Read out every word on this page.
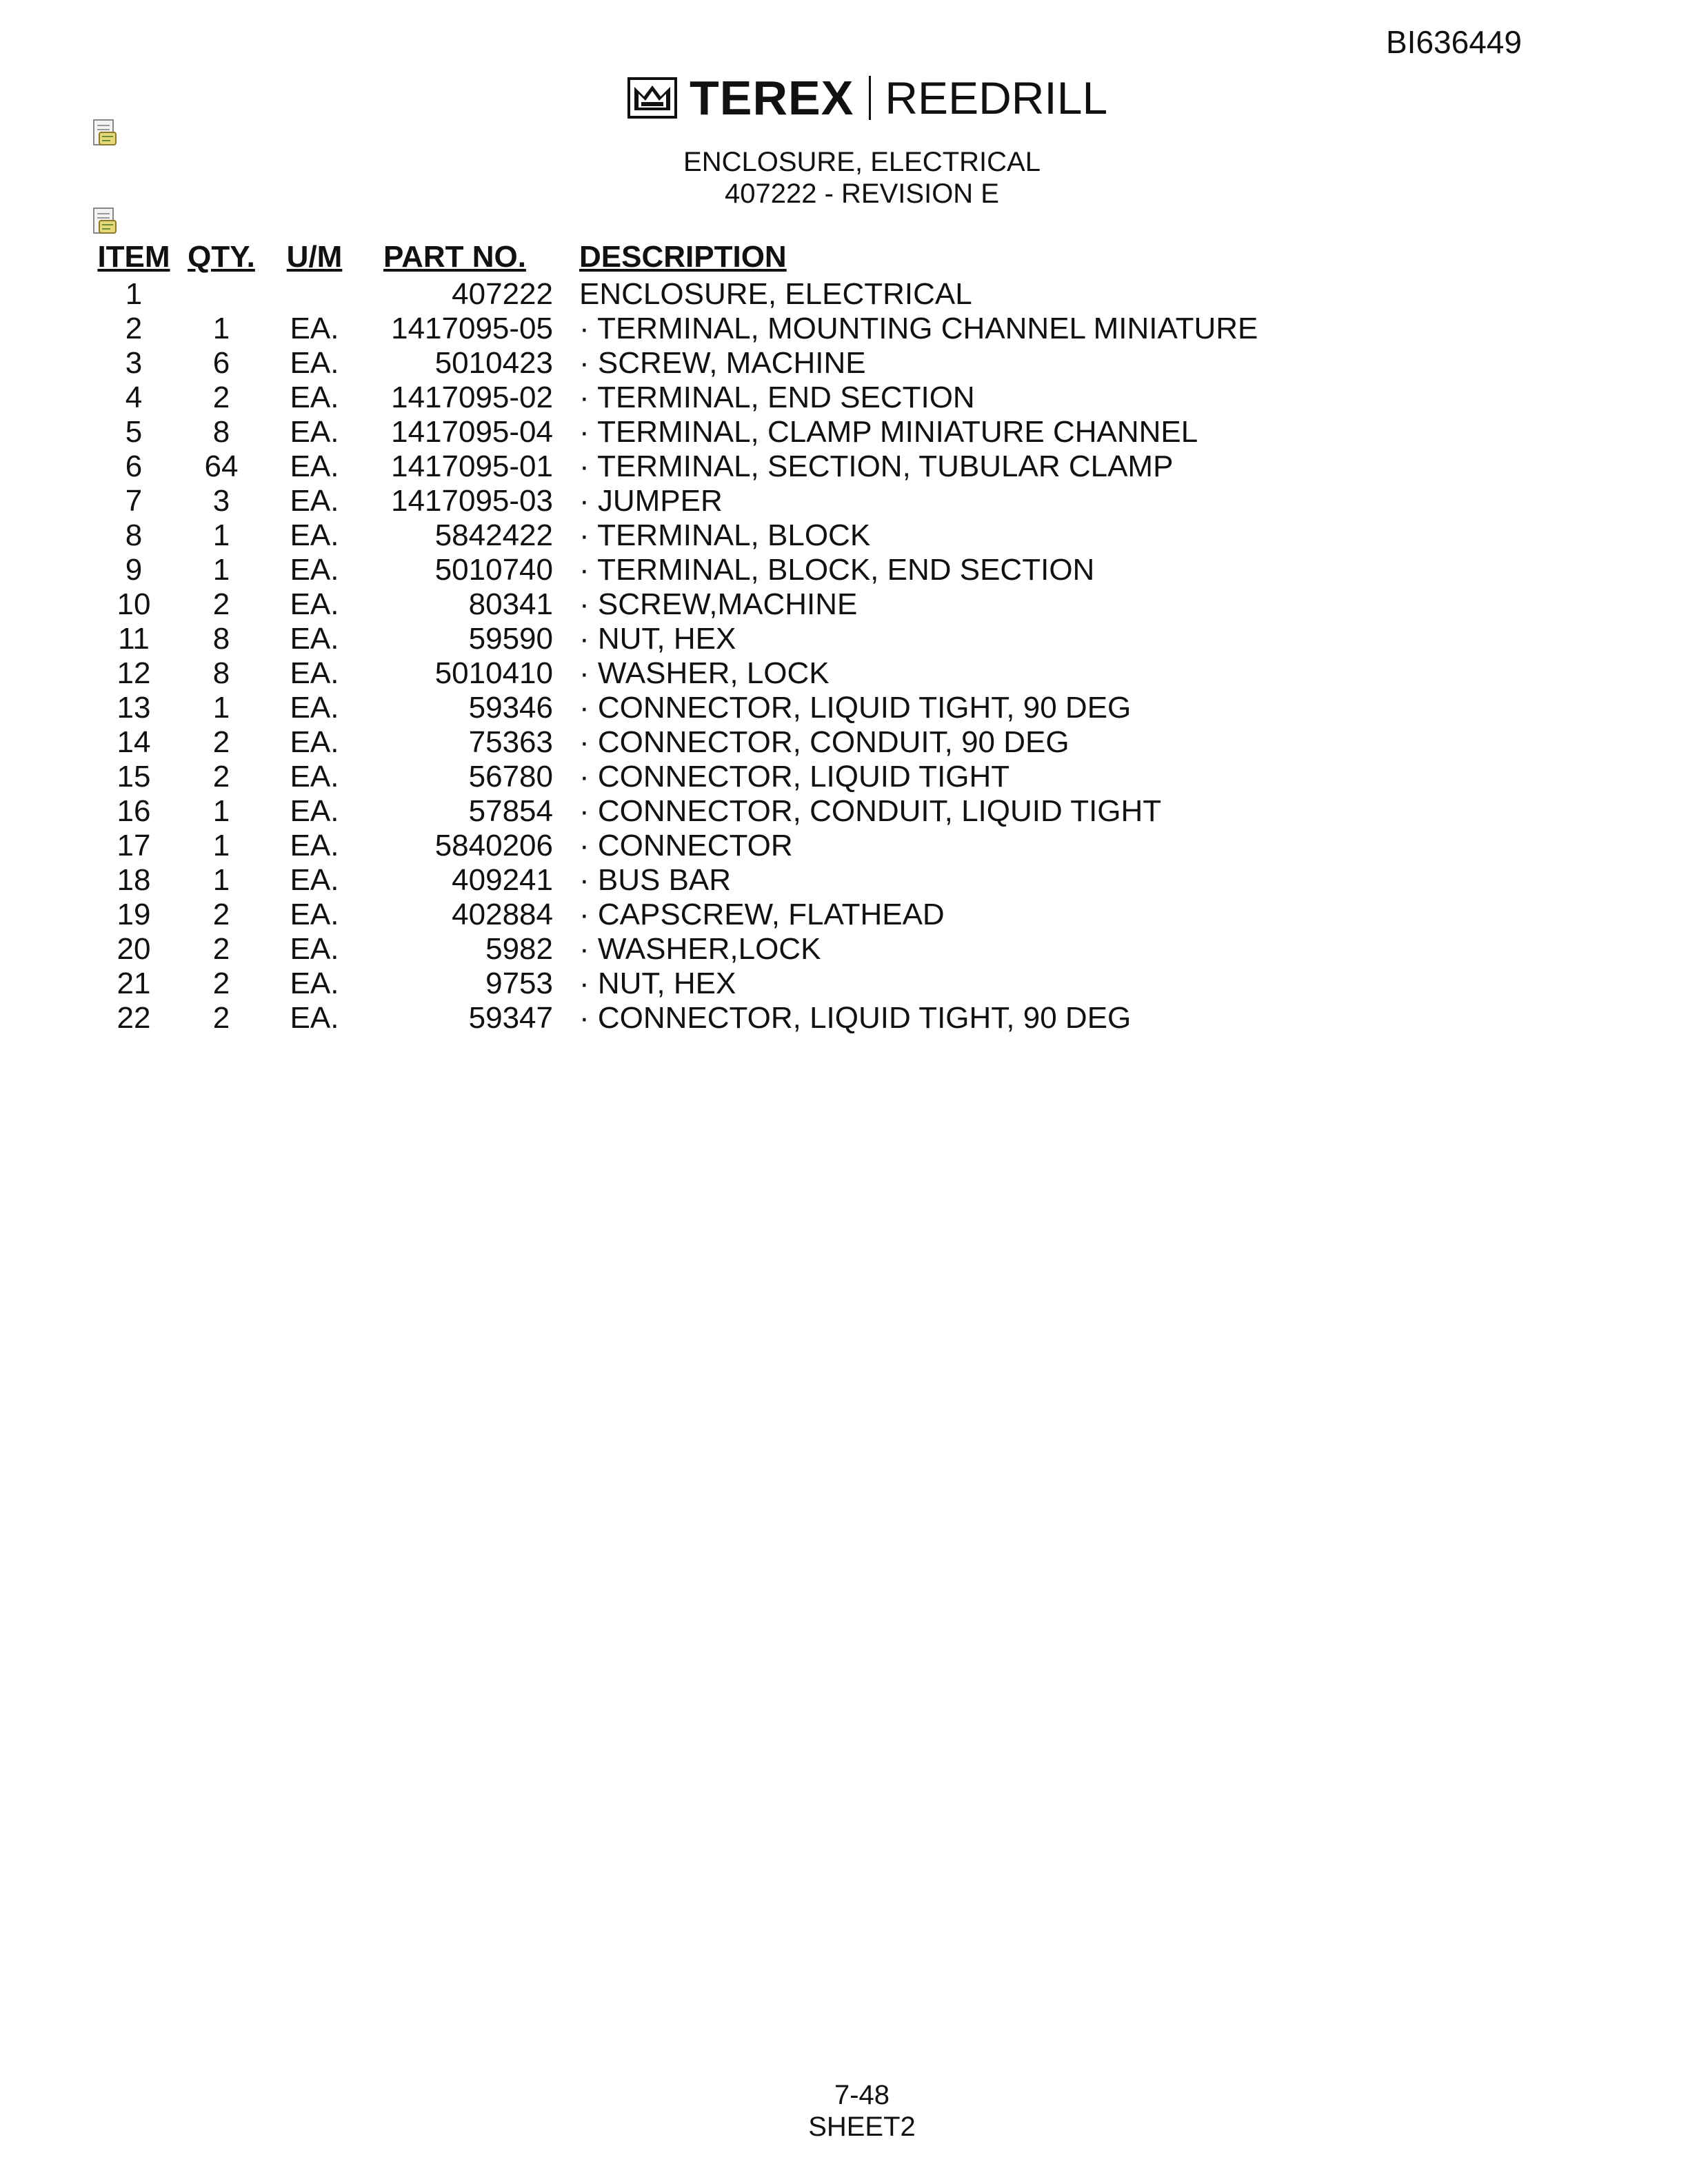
BI636449
TEREX REEDRILL
ENCLOSURE, ELECTRICAL
407222 - REVISION E
ITEM	QTY.	U/M	PART NO.	DESCRIPTION
1			407222	ENCLOSURE, ELECTRICAL
2	1	EA.	1417095-05	· TERMINAL, MOUNTING CHANNEL MINIATURE
3	6	EA.	5010423	· SCREW, MACHINE
4	2	EA.	1417095-02	· TERMINAL, END SECTION
5	8	EA.	1417095-04	· TERMINAL, CLAMP MINIATURE CHANNEL
6	64	EA.	1417095-01	· TERMINAL, SECTION, TUBULAR CLAMP
7	3	EA.	1417095-03	· JUMPER
8	1	EA.	5842422	· TERMINAL, BLOCK
9	1	EA.	5010740	· TERMINAL, BLOCK, END SECTION
10	2	EA.	80341	· SCREW,MACHINE
11	8	EA.	59590	· NUT, HEX
12	8	EA.	5010410	· WASHER, LOCK
13	1	EA.	59346	· CONNECTOR, LIQUID TIGHT, 90 DEG
14	2	EA.	75363	· CONNECTOR, CONDUIT, 90 DEG
15	2	EA.	56780	· CONNECTOR, LIQUID TIGHT
16	1	EA.	57854	· CONNECTOR, CONDUIT, LIQUID TIGHT
17	1	EA.	5840206	· CONNECTOR
18	1	EA.	409241	· BUS BAR
19	2	EA.	402884	· CAPSCREW, FLATHEAD
20	2	EA.	5982	· WASHER,LOCK
21	2	EA.	9753	· NUT, HEX
22	2	EA.	59347	· CONNECTOR, LIQUID TIGHT, 90 DEG
7-48
SHEET2
